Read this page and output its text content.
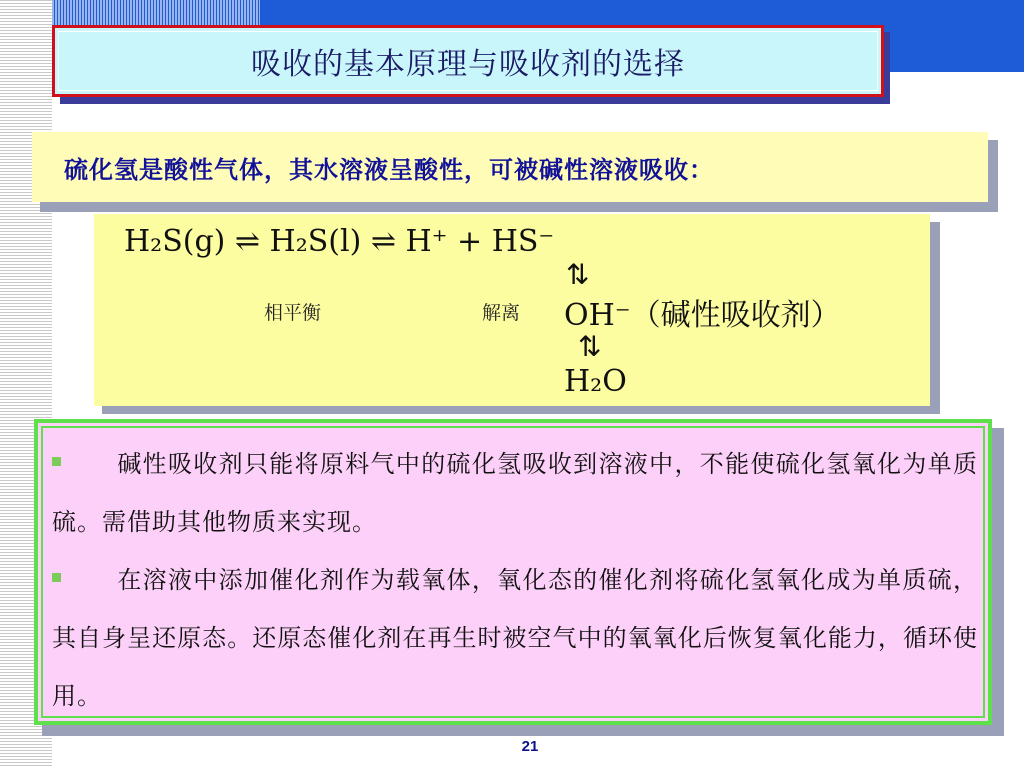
吸收的基本原理与吸收剂的选择
硫化氢是酸性气体，其水溶液呈酸性，可被碱性溶液吸收：
H₂S(g) ⇌ H₂S(l) ⇌ H⁺ + HS⁻
相平衡	解离
⇅
OH⁻（碱性吸收剂）
⇅
H₂O
碱性吸收剂只能将原料气中的硫化氢吸收到溶液中，不能使硫化氢氧化为单质硫。需借助其他物质来实现。
在溶液中添加催化剂作为载氧体，氧化态的催化剂将硫化氢氧化成为单质硫，其自身呈还原态。还原态催化剂在再生时被空气中的氧氧化后恢复氧化能力，循环使用。
21
